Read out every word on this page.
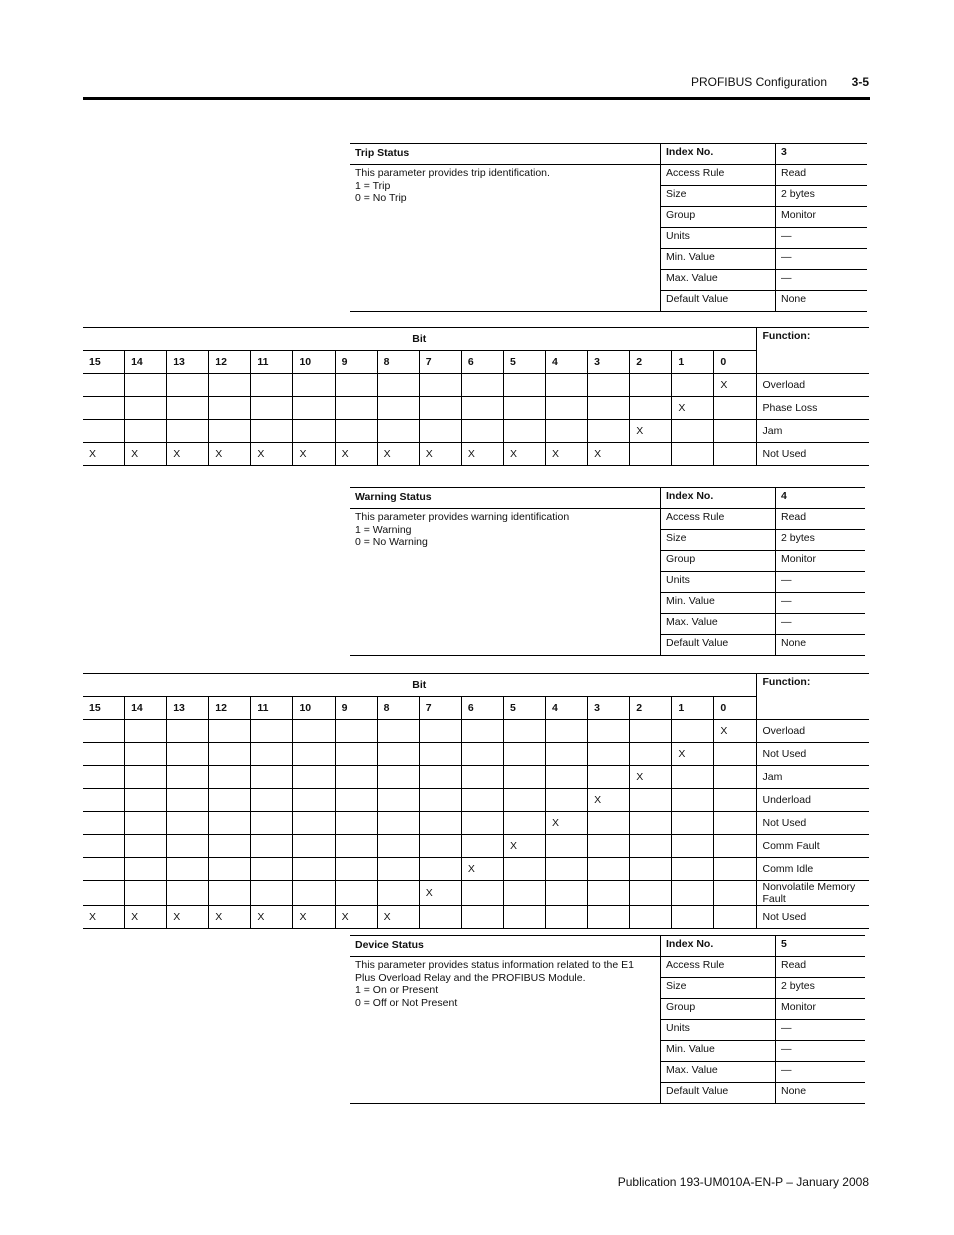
PROFIBUS Configuration 3-5
Trip Status	Index No.	3

This parameter provides trip identification.
1 = Trip
0 = No Trip	Access Rule	Read
	Size	2 bytes
	Group	Monitor
	Units	—
	Min. Value	—
	Max. Value	—
	Default Value	None
Bit																Function:
15	14	13	12	11	10	9	8	7	6	5	4	3	2	1	0	
															X	Overload
														X		Phase Loss
													X			Jam
X	X	X	X	X	X	X	X	X	X	X	X	X				Not Used
Warning Status	Index No.	4

This parameter provides warning identification
1 = Warning
0 = No Warning	Access Rule	Read
	Size	2 bytes
	Group	Monitor
	Units	—
	Min. Value	—
	Max. Value	—
	Default Value	None
Bit																Function:
15	14	13	12	11	10	9	8	7	6	5	4	3	2	1	0	
															X	Overload
														X		Not Used
													X			Jam
												X				Underload
											X					Not Used
										X						Comm Fault
									X							Comm Idle
								X								Nonvolatile Memory Fault
X	X	X	X	X	X	X	X									Not Used
Device Status	Index No.	5

This parameter provides status information related to the E1
Plus Overload Relay and the PROFIBUS Module.
1 = On or Present
0 = Off or Not Present	Access Rule	Read
	Size	2 bytes
	Group	Monitor
	Units	—
	Min. Value	—
	Max. Value	—
	Default Value	None
Publication 193-UM010A-EN-P – January 2008
